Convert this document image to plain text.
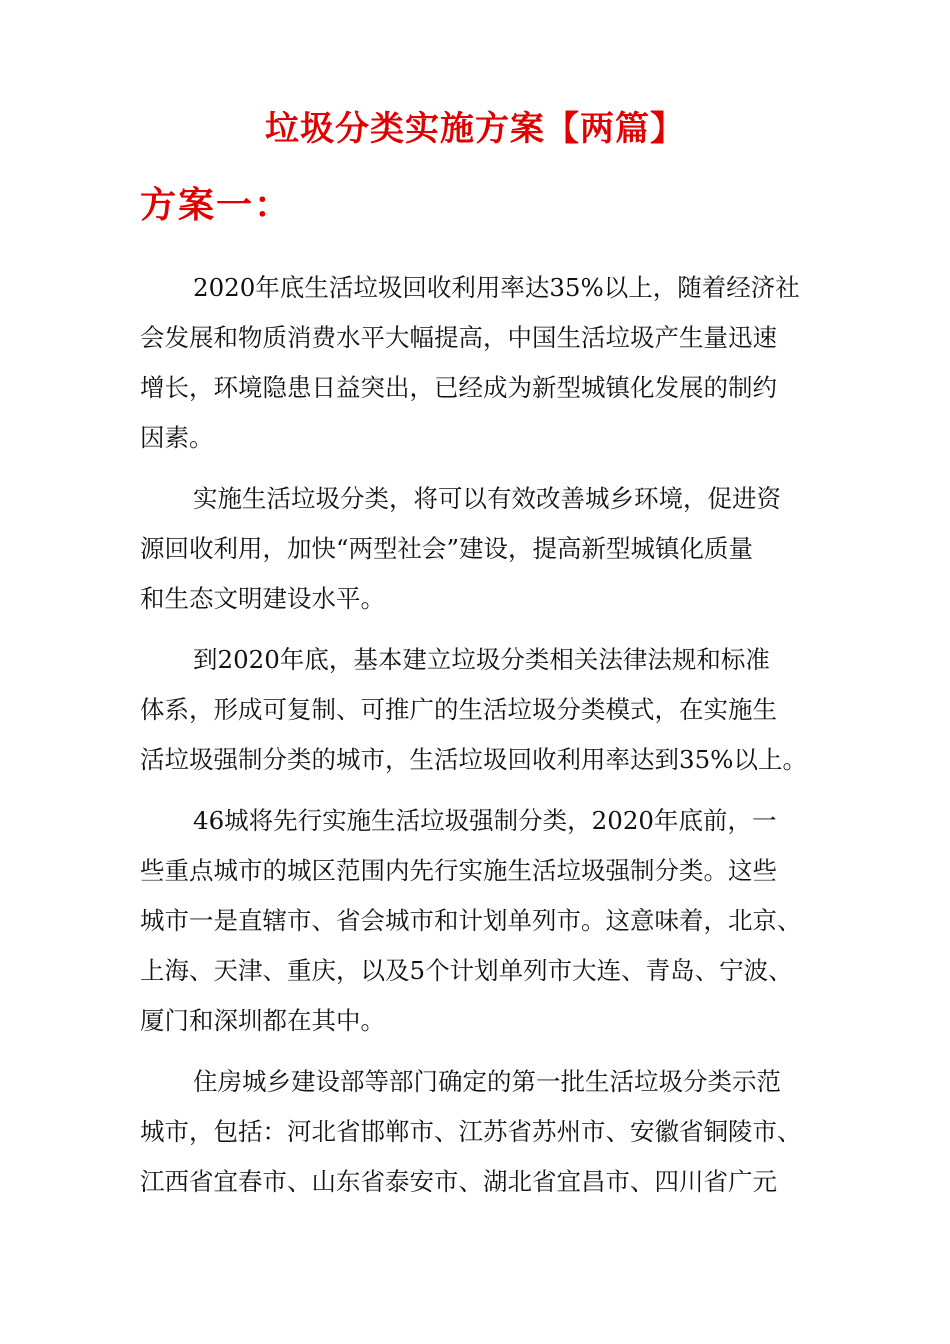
垃圾分类实施方案【两篇】
方案一：
2020年底生活垃圾回收利用率达35%以上，随着经济社
会发展和物质消费水平大幅提高，中国生活垃圾产生量迅速
增长，环境隐患日益突出，已经成为新型城镇化发展的制约
因素。
实施生活垃圾分类，将可以有效改善城乡环境，促进资
源回收利用，加快“两型社会”建设，提高新型城镇化质量
和生态文明建设水平。
到2020年底，基本建立垃圾分类相关法律法规和标准
体系，形成可复制、可推广的生活垃圾分类模式，在实施生
活垃圾强制分类的城市，生活垃圾回收利用率达到35%以上。
46城将先行实施生活垃圾强制分类，2020年底前，一
些重点城市的城区范围内先行实施生活垃圾强制分类。这些
城市一是直辖市、省会城市和计划单列市。这意味着，北京、
上海、天津、重庆，以及5个计划单列市大连、青岛、宁波、
厦门和深圳都在其中。
住房城乡建设部等部门确定的第一批生活垃圾分类示范
城市，包括：河北省邯郸市、江苏省苏州市、安徽省铜陵市、
江西省宜春市、山东省泰安市、湖北省宜昌市、四川省广元
